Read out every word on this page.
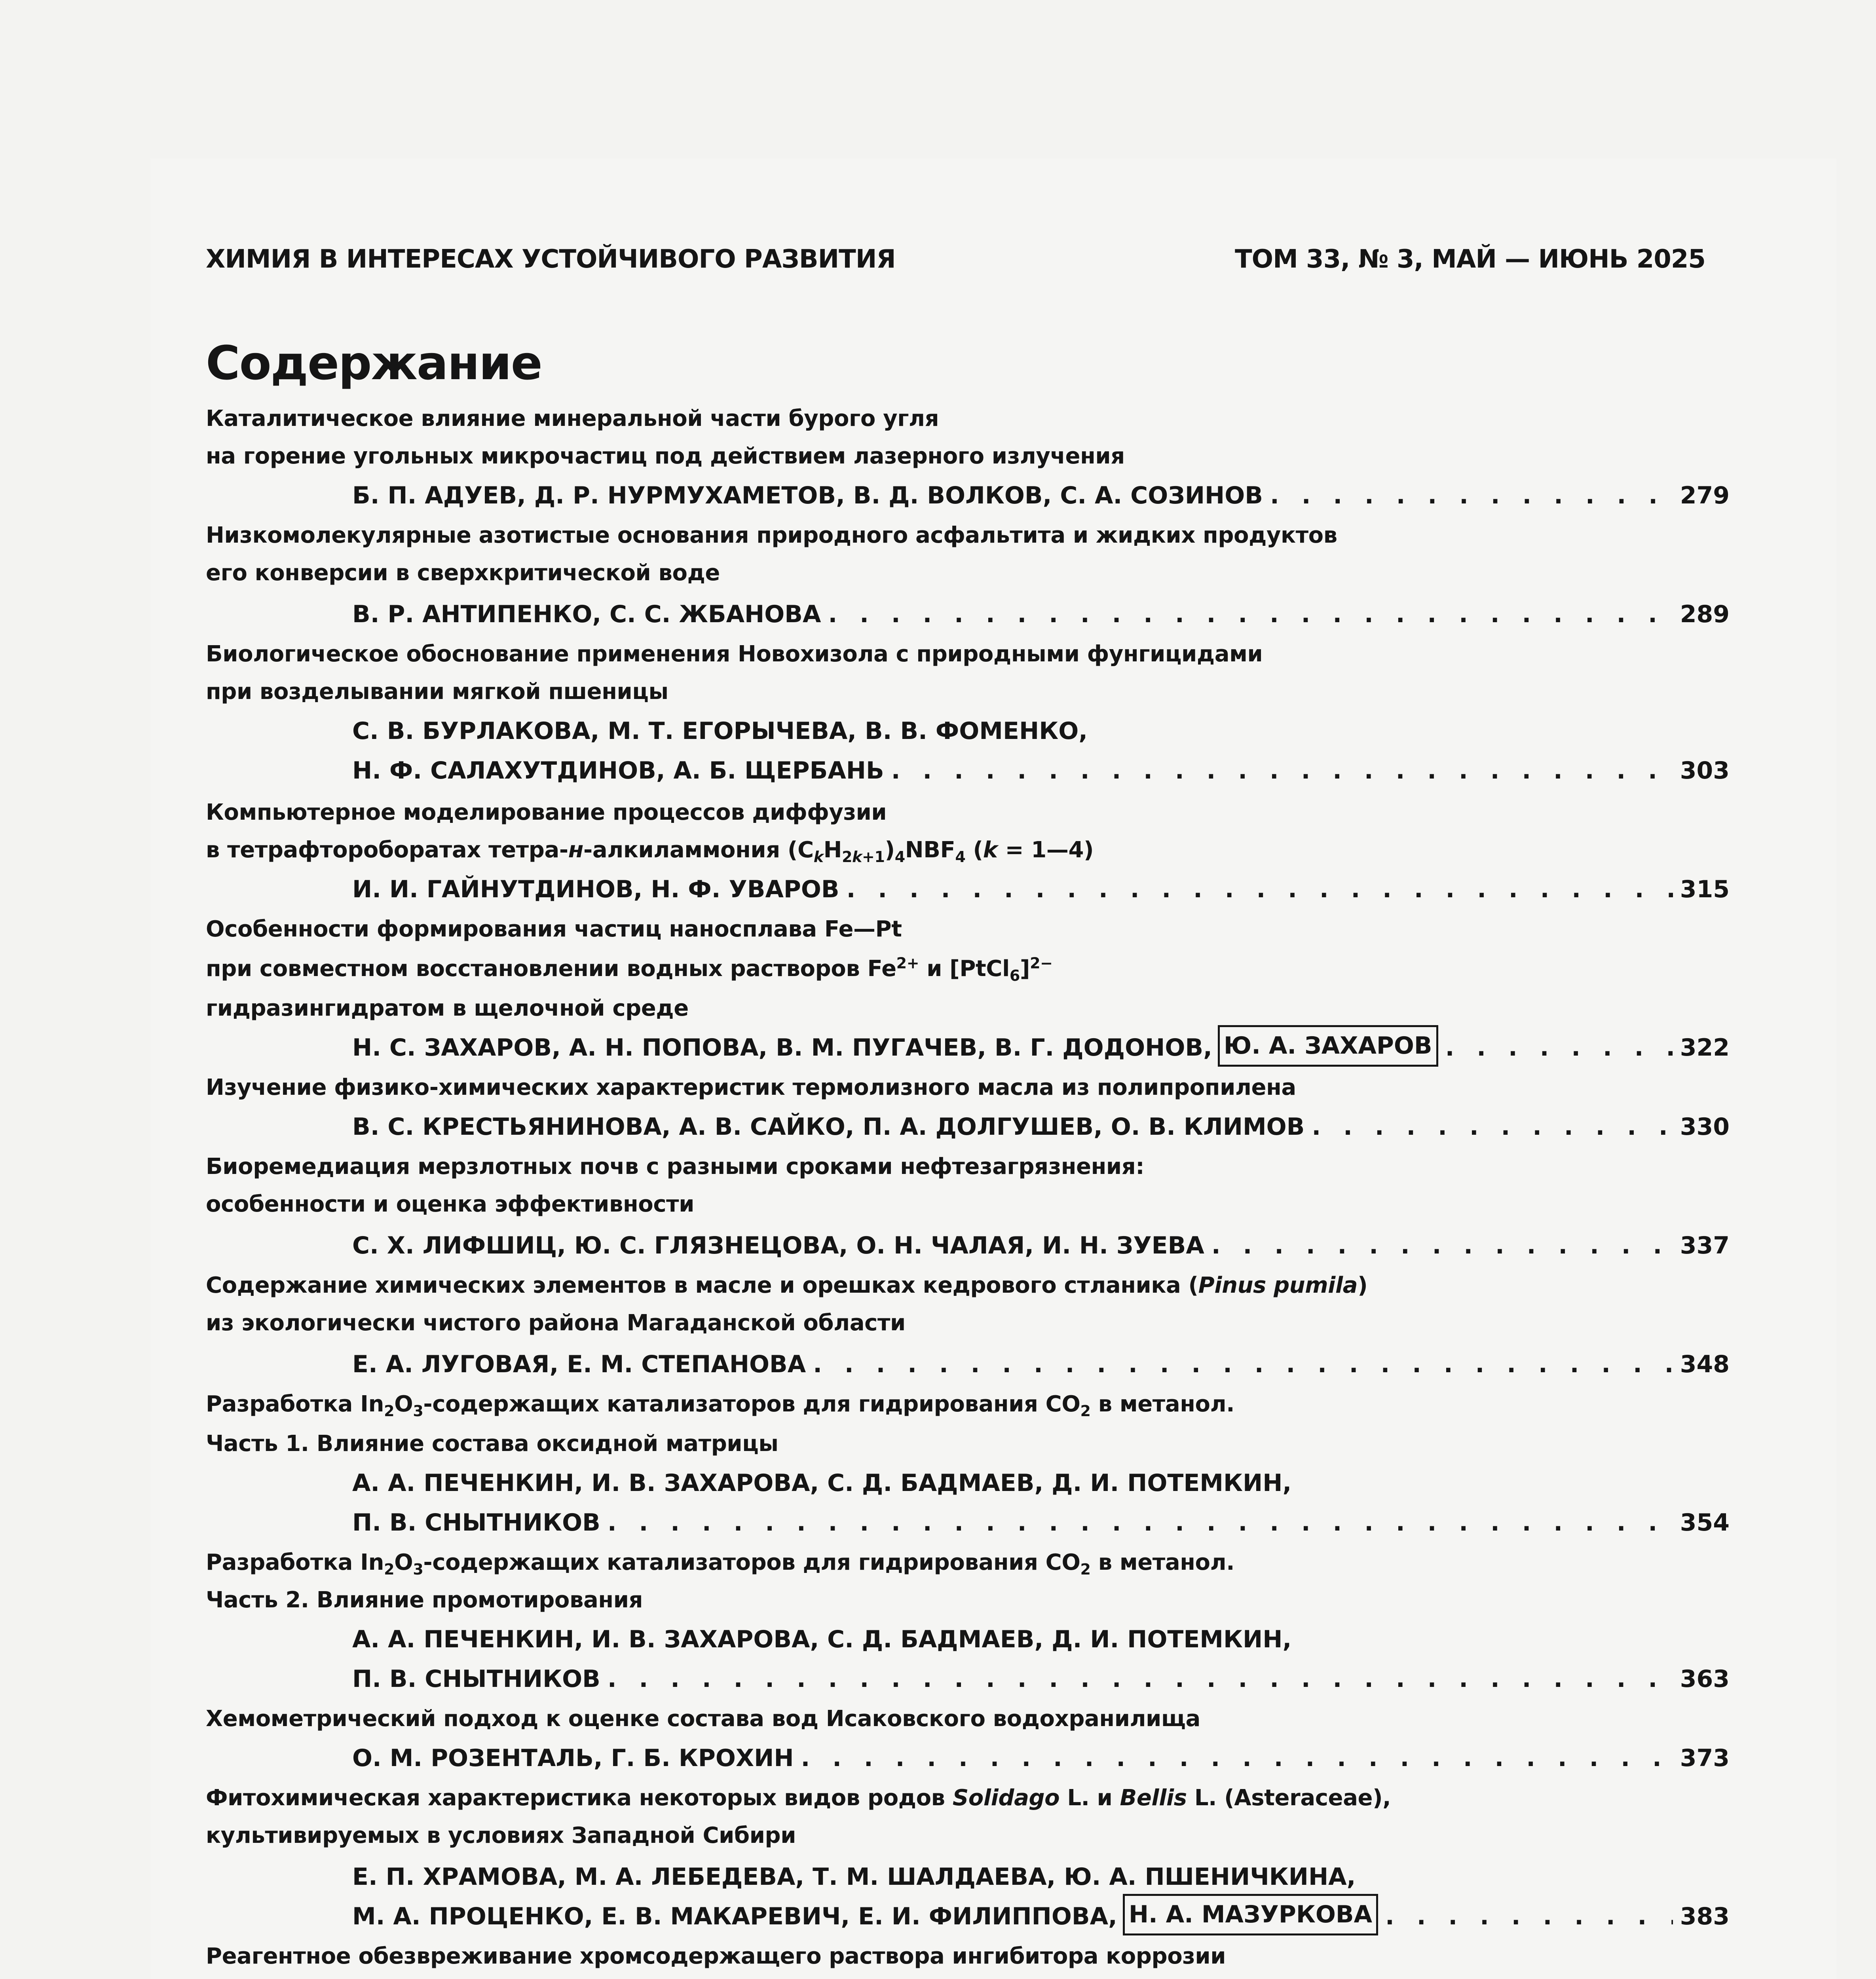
ХИМИЯ В ИНТЕРЕСАХ УСТОЙЧИВОГО РАЗВИТИЯ	ТОМ 33, № 3, МАЙ — ИЮНЬ 2025
Содержание
Каталитическое влияние минеральной части бурого угля
на горение угольных микрочастиц под действием лазерного излучения
Б. П. АДУЕВ, Д. Р. НУРМУХАМЕТОВ, В. Д. ВОЛКОВ, С. А. СОЗИНОВ . . .	279
Низкомолекулярные азотистые основания природного асфальтита и жидких продуктов
его конверсии в сверхкритической воде
В. Р. АНТИПЕНКО, С. С. ЖБАНОВА . . .	289
Биологическое обоснование применения Новохизола с природными фунгицидами
при возделывании мягкой пшеницы
С. В. БУРЛАКОВА, М. Т. ЕГОРЫЧЕВА, В. В. ФОМЕНКО,
Н. Ф. САЛАХУТДИНОВ, А. Б. ЩЕРБАНЬ . . .	303
Компьютерное моделирование процессов диффузии
в тетрафтороборатах тетра-н-алкиламмония $(C_kH_{2k+1})_4NBF_4$ (k = 1—4)
И. И. ГАЙНУТДИНОВ, Н. Ф. УВАРОВ . . .	315
Особенности формирования частиц наносплава Fe—Pt
при совместном восстановлении водных растворов $Fe^{2+}$ и [PtCl$_6$]$^{2-}$
гидразингидратом в щелочной среде
Н. С. ЗАХАРОВ, А. Н. ПОПОВА, В. М. ПУГАЧЕВ, В. Г. ДОДОНОВ, Ю. А. ЗАХАРОВ . . .	322
Изучение физико-химических характеристик термолизного масла из полипропилена
В. С. КРЕСТЬЯНИНОВА, А. В. САЙКО, П. А. ДОЛГУШЕВ, О. В. КЛИМОВ . . .	330
Биоремедиация мерзлотных почв с разными сроками нефтезагрязнения:
особенности и оценка эффективности
С. Х. ЛИФШИЦ, Ю. С. ГЛЯЗНЕЦОВА, О. Н. ЧАЛАЯ, И. Н. ЗУЕВА . . .	337
Содержание химических элементов в масле и орешках кедрового стланика (Pinus pumila)
из экологически чистого района Магаданской области
Е. А. ЛУГОВАЯ, Е. М. СТЕПАНОВА . . .	348
Разработка $In_2O_3$-содержащих катализаторов для гидрирования $CO_2$ в метанол.
Часть 1. Влияние состава оксидной матрицы
А. А. ПЕЧЕНКИН, И. В. ЗАХАРОВА, С. Д. БАДМАЕВ, Д. И. ПОТЕМКИН,
П. В. СНЫТНИКОВ . . .	354
Разработка $In_2O_3$-содержащих катализаторов для гидрирования $CO_2$ в метанол.
Часть 2. Влияние промотирования
А. А. ПЕЧЕНКИН, И. В. ЗАХАРОВА, С. Д. БАДМАЕВ, Д. И. ПОТЕМКИН,
П. В. СНЫТНИКОВ . . .	363
Хемометрический подход к оценке состава вод Исаковского водохранилища
О. М. РОЗЕНТАЛЬ, Г. Б. КРОХИН . . .	373
Фитохимическая характеристика некоторых видов родов Solidago L. и Bellis L. (Asteraceae),
культивируемых в условиях Западной Сибири
Е. П. ХРАМОВА, М. А. ЛЕБЕДЕВА, Т. М. ШАЛДАЕВА, Ю. А. ПШЕНИЧКИНА,
М. А. ПРОЦЕНКО, Е. В. МАКАРЕВИЧ, Е. И. ФИЛИППОВА, Н. А. МАЗУРКОВА . . .	383
Реагентное обезвреживание хромсодержащего раствора ингибитора коррозии
